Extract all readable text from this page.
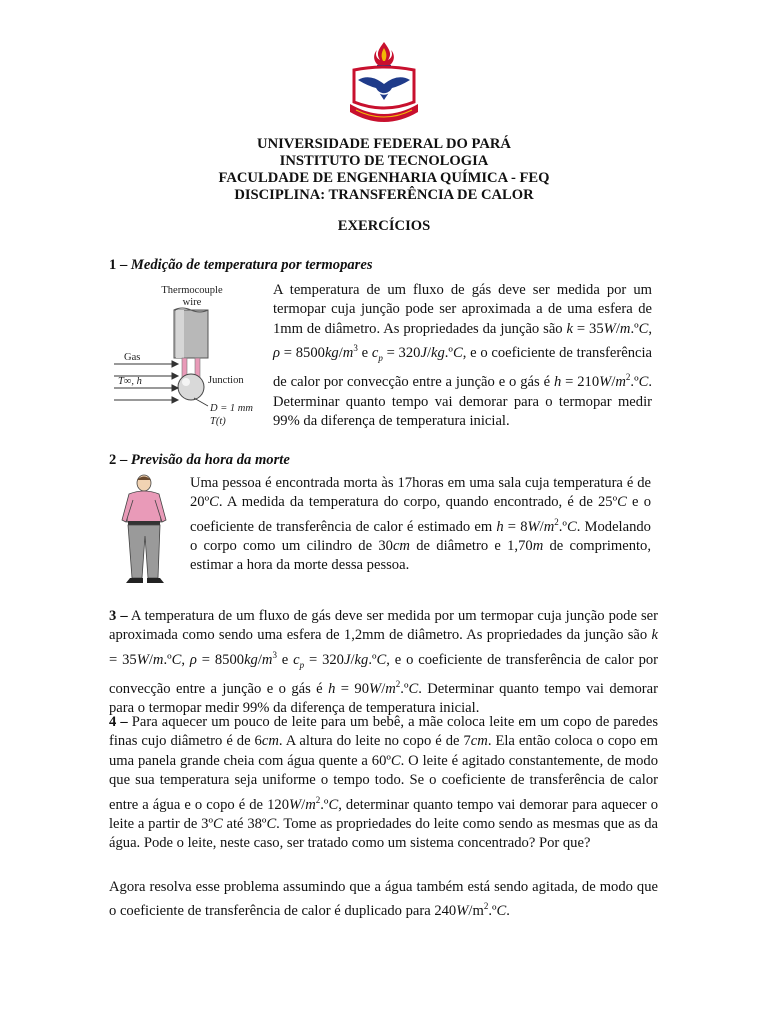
UNIVERSIDADE FEDERAL DO PARÁ
INSTITUTO DE TECNOLOGIA
FACULDADE DE ENGENHARIA QUÍMICA - FEQ
DISCIPLINA: TRANSFERÊNCIA DE CALOR
EXERCÍCIOS
1 – Medição de temperatura por termopares
Thermocouple
wire
Gas
T∞, h	Junction
D = 1 mm
T(t)
A temperatura de um fluxo de gás deve ser medida por um termopar cuja junção pode ser aproximada a de uma esfera de 1mm de diâmetro. As propriedades da junção são k = 35W/m.ºC, $\rho = 8500kg/m^3$ e $c_p$ = 320J/kg.ºC, e o coeficiente de transferência de calor por convecção entre a junção e o gás é $h = 210W/m^2.ºC$. Determinar quanto tempo vai demorar para o termopar medir 99% da diferença de temperatura inicial.
2 – Previsão da hora da morte
Uma pessoa é encontrada morta às 17horas em uma sala cuja temperatura é de 20ºC. A medida da temperatura do corpo, quando encontrado, é de 25ºC e o coeficiente de transferência de calor é estimado em $h = 8W/m^2.ºC$. Modelando o corpo como um cilindro de 30cm de diâmetro e 1,70m de comprimento, estimar a hora da morte dessa pessoa.
3 – A temperatura de um fluxo de gás deve ser medida por um termopar cuja junção pode ser aproximada como sendo uma esfera de 1,2mm de diâmetro. As propriedades da junção são k = 35W/m.ºC, $\rho = 8500kg/m^3$ e $c_p$ = 320J/kg.ºC, e o coeficiente de transferência de calor por convecção entre a junção e o gás é $h = 90W/m^2.ºC$. Determinar quanto tempo vai demorar para o termopar medir 99% da diferença de temperatura inicial.
4 – Para aquecer um pouco de leite para um bebê, a mãe coloca leite em um copo de paredes finas cujo diâmetro é de 6cm. A altura do leite no copo é de 7cm. Ela então coloca o copo em uma panela grande cheia com água quente a 60ºC. O leite é agitado constantemente, de modo que sua temperatura seja uniforme o tempo todo. Se o coeficiente de transferência de calor entre a água e o copo é de $120W/m^2.ºC$, determinar quanto tempo vai demorar para aquecer o leite a partir de 3ºC até 38ºC. Tome as propriedades do leite como sendo as mesmas que as da água. Pode o leite, neste caso, ser tratado como um sistema concentrado? Por que?
Agora resolva esse problema assumindo que a água também está sendo agitada, de modo que o coeficiente de transferência de calor é duplicado para $240W/m^2.ºC$.
